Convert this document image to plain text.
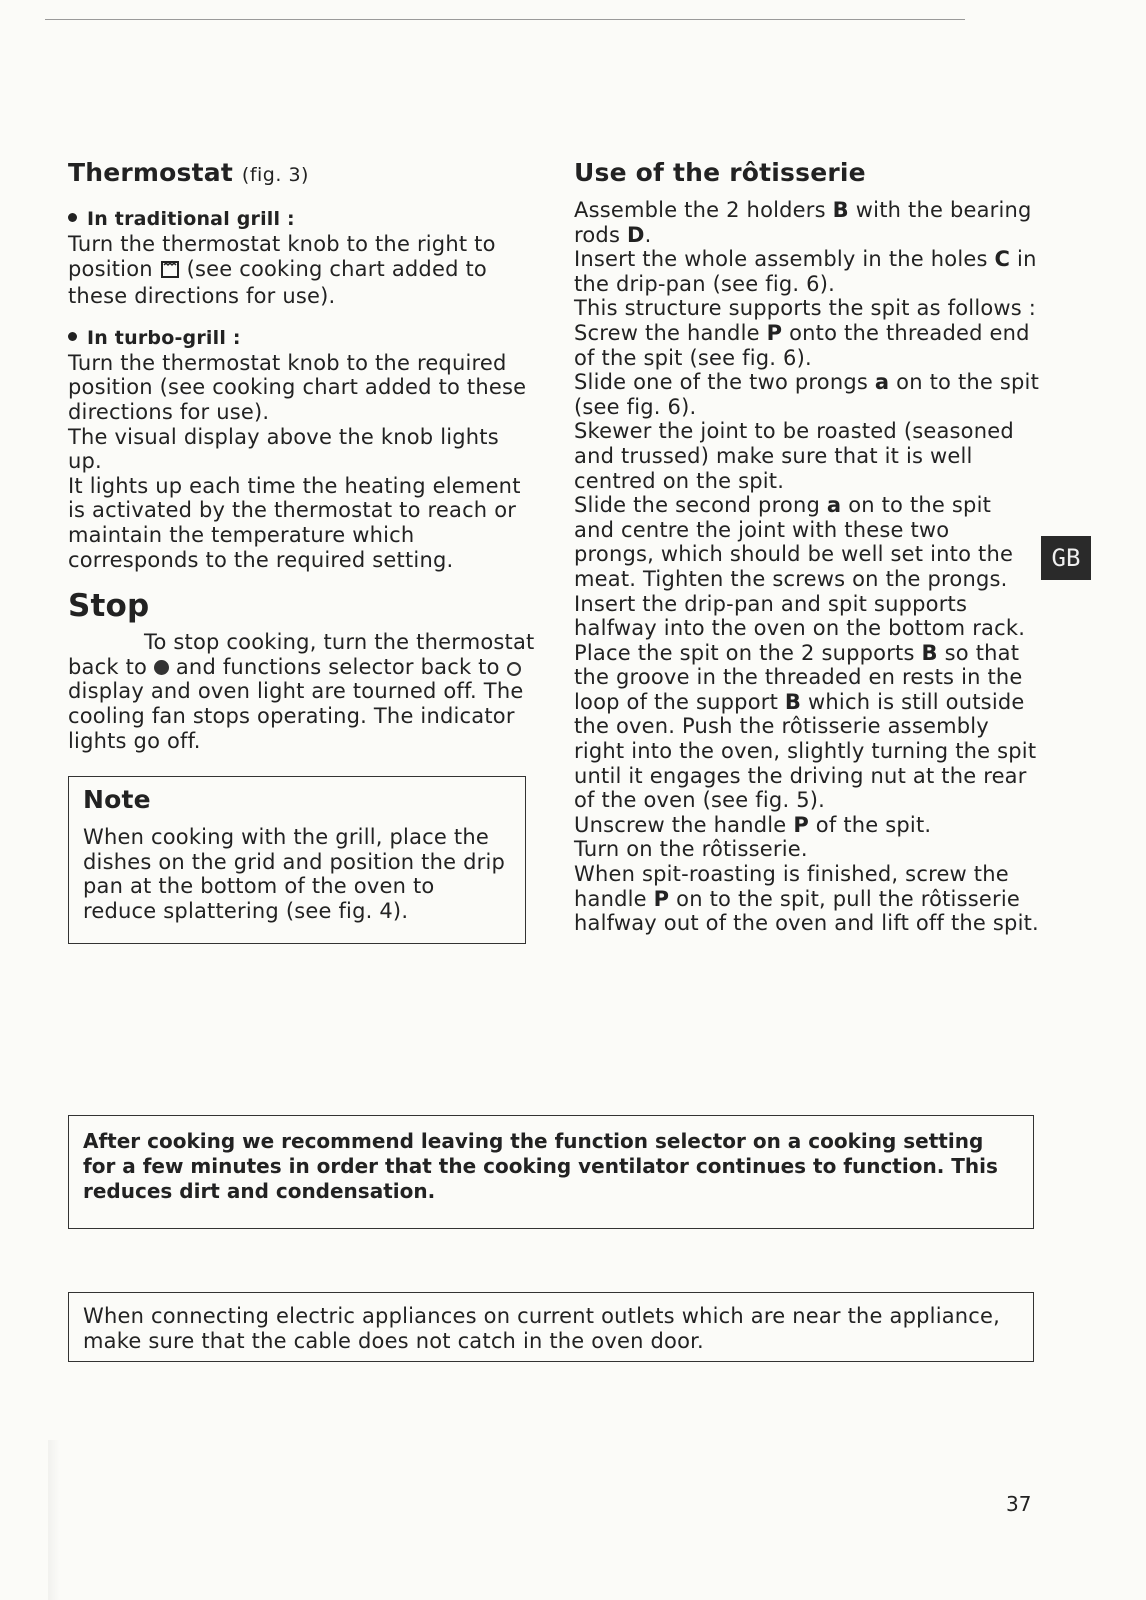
Thermostat (fig. 3)
In traditional grill :

Turn the thermostat knob to the right to position (see cooking chart added to these directions for use).

In turbo-grill :

Turn the thermostat knob to the required position (see cooking chart added to these directions for use).

The visual display above the knob lights up.

It lights up each time the heating element is activated by the thermostat to reach or maintain the temperature which corresponds to the required setting.

Stop

To stop cooking, turn the thermostat back to and functions selector back to  display and oven light are tourned off. The cooling fan stops operating. The indicator lights go off.

Note
When cooking with the grill, place the dishes on the grid and position the drip pan at the bottom of the oven to reduce splattering (see fig. 4).
Use of the rôtisserie

Assemble the 2 holders B with the bearing rods D.

Insert the whole assembly in the holes C in the drip-pan (see fig. 6).

This structure supports the spit as follows : Screw the handle P onto the threaded end of the spit (see fig. 6).

Slide one of the two prongs a on to the spit (see fig. 6).

Skewer the joint to be roasted (seasoned and trussed) make sure that it is well centred on the spit.

Slide the second prong a on to the spit and centre the joint with these two prongs, which should be well set into the meat. Tighten the screws on the prongs.

Insert the drip-pan and spit supports halfway into the oven on the bottom rack.

Place the spit on the 2 supports B so that the groove in the threaded en rests in the loop of the support B which is still outside the oven. Push the rôtisserie assembly right into the oven, slightly turning the spit until it engages the driving nut at the rear of the oven (see fig. 5).

Unscrew the handle P of the spit.

Turn on the rôtisserie.

When spit-roasting is finished, screw the handle P on to the spit, pull the rôtisserie halfway out of the oven and lift off the spit.

GB
After cooking we recommend leaving the function selector on a cooking setting for a few minutes in order that the cooking ventilator continues to function. This reduces dirt and condensation.
When connecting electric appliances on current outlets which are near the appliance, make sure that the cable does not catch in the oven door.
37
